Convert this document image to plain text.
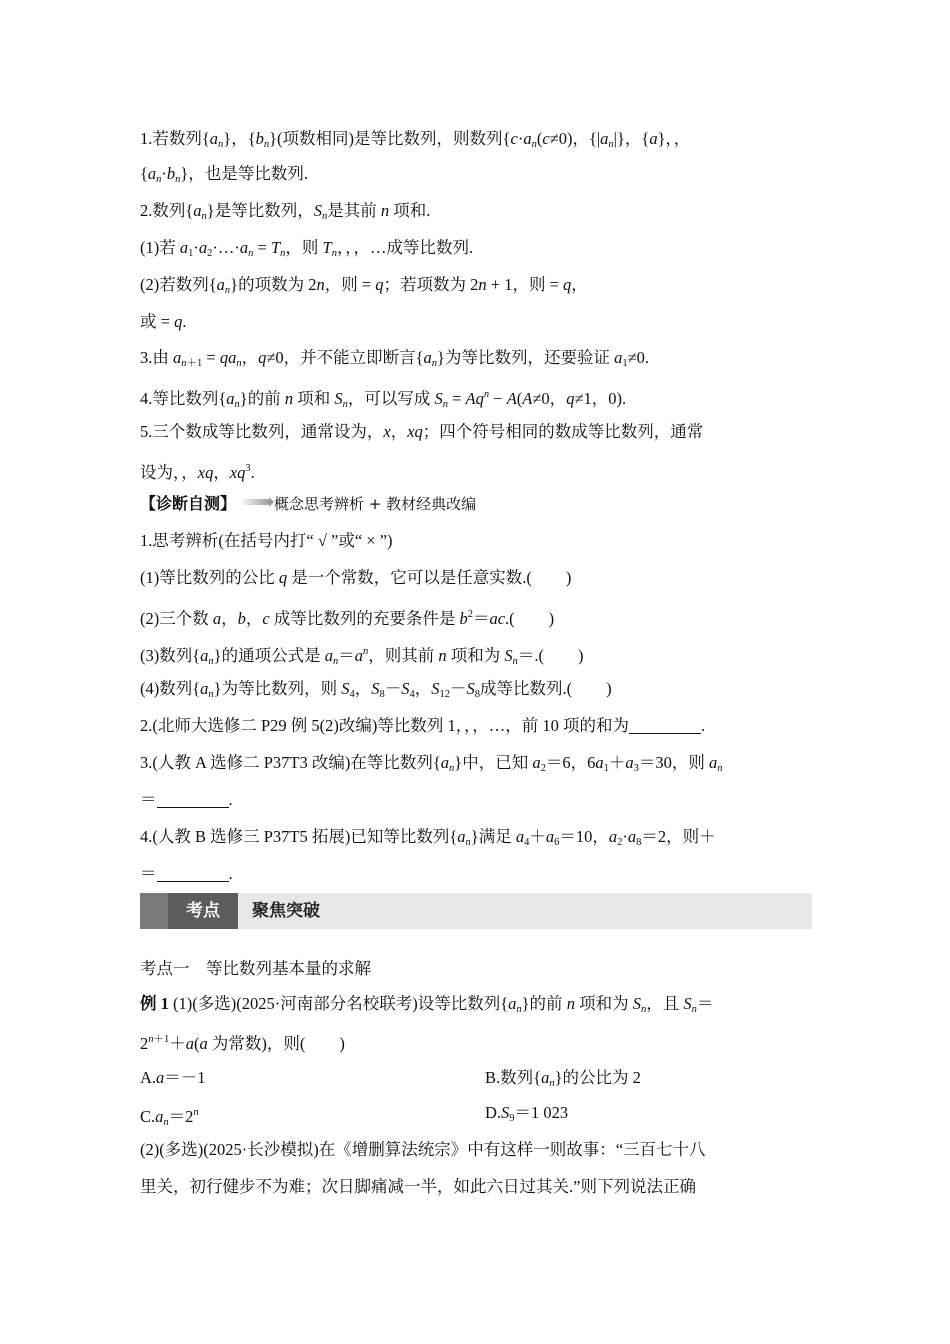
1.若数列$\{a_n\}$，$\{b_n\}$(项数相同)是等比数列，则数列{$c\cdot a_n(c\ne 0)$，$\{|a_n|\}$，{a}，，
$\{a_n\cdot b_n\}$，也是等比数列.
2.数列$\{a_n\}$是等比数列，$S_n$是其前 n 项和.
(1)若 $a_1\cdot a_2\cdot\dots\cdot a_n = T_n$，则 $T_n$，，，…成等比数列.
(2)若数列$\{a_n\}$的项数为 2n，则 = q；若项数为 2n + 1，则 = q，
或 = q.
3.由 $a_{n+1} = qa_n$，q≠0，并不能立即断言$\{a_n\}$为等比数列，还要验证 $a_1\ne 0$.
4.等比数列$\{a_n\}$的前 n 项和 $S_n$，可以写成 $S_n = Aq^n - A(A\ne 0$，q≠1，0).
5.三个数成等比数列，通常设为，x，xq；四个符号相同的数成等比数列，通常
设为，，xq，$xq^3$.
【诊断自测】	概念思考辨析 + 教材经典改编
1.思考辨析(在括号内打“ √ ”或“ × ”)
(1)等比数列的公比 q 是一个常数，它可以是任意实数.( )
(2)三个数 a，b，c 成等比数列的充要条件是 $b^2=ac$.( )
(3)数列$\{a_n\}$的通项公式是 $a_n=a^n$，则其前 n 项和为 $S_n=$.( )
(4)数列$\{a_n\}$为等比数列，则 $S_4$，$S_8-S_4$，$S_{12}-S_8$成等比数列.( )
2.(北师大选修二 P29 例 5(2)改编)等比数列 1，，，…，前 10 项的和为	.
3.(人教 A 选修二 P37T3 改编)在等比数列$\{a_n\}$中，已知 $a_2=6$，$6a_1+a_3=30$，则 $a_n$
＝	.
4.(人教 B 选修三 P37T5 拓展)已知等比数列$\{a_n\}$满足 $a_4+a_6=10$，$a_2\cdot a_8=2$，则＋
＝	.
考点	聚焦突破
考点一　等比数列基本量的求解
例 1 (1)(多选)(2025·河南部分名校联考)设等比数列$\{a_n\}$的前 n 项和为 $S_n$，且 $S_n=$
$2^{n+1}+a(a$ 为常数)，则( )
A.a＝－1	B.数列$\{a_n\}$的公比为 2
$C.a_n=2^n$	$D.S_9=1$ 023
(2)(多选)(2025·长沙模拟)在《增删算法统宗》中有这样一则故事：“三百七十八
里关，初行健步不为难；次日脚痛减一半，如此六日过其关.”则下列说法正确
